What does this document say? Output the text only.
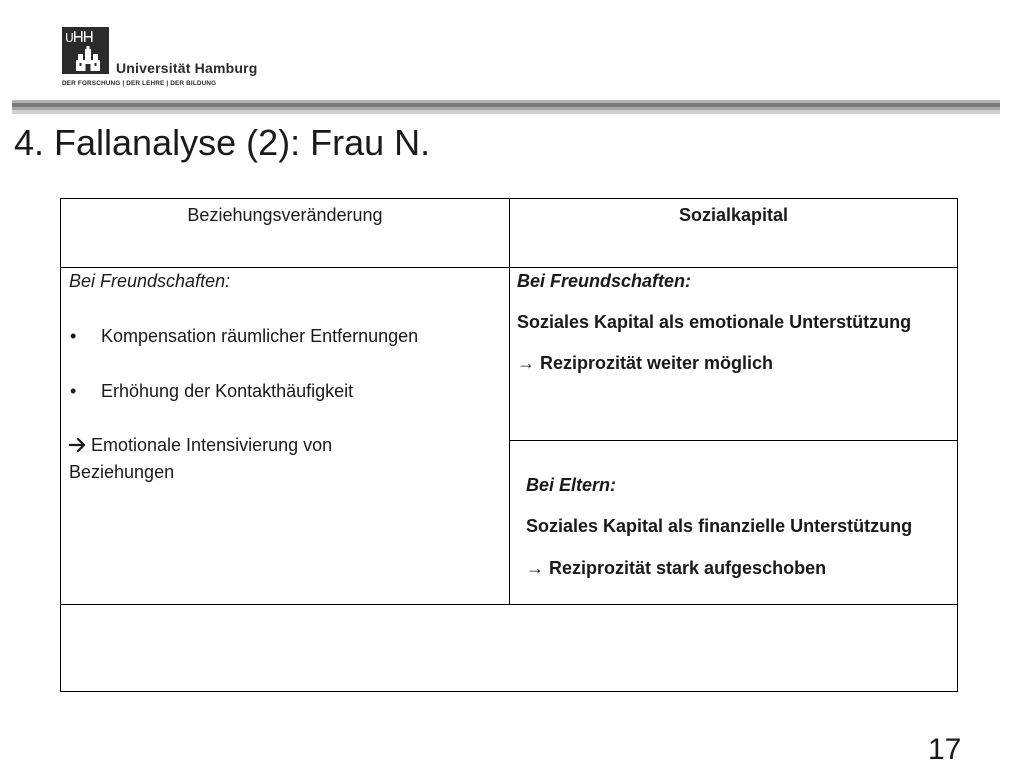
U
Universität Hamburg
DER FORSCHUNG | DER LEHRE | DER BILDUNG
4. Fallanalyse (2): Frau N.
Beziehungsveränderung	Sozialkapital
Bei Freundschaften:
• Kompensation räumlicher Entfernungen
• Erhöhung der Kontakthäufigkeit
Emotionale Intensivierung von
Beziehungen
Bei Freundschaften:
Soziales Kapital als emotionale Unterstützung
→ Reziprozität weiter möglich
Bei Eltern:
Soziales Kapital als finanzielle Unterstützung
→ Reziprozität stark aufgeschoben
17
